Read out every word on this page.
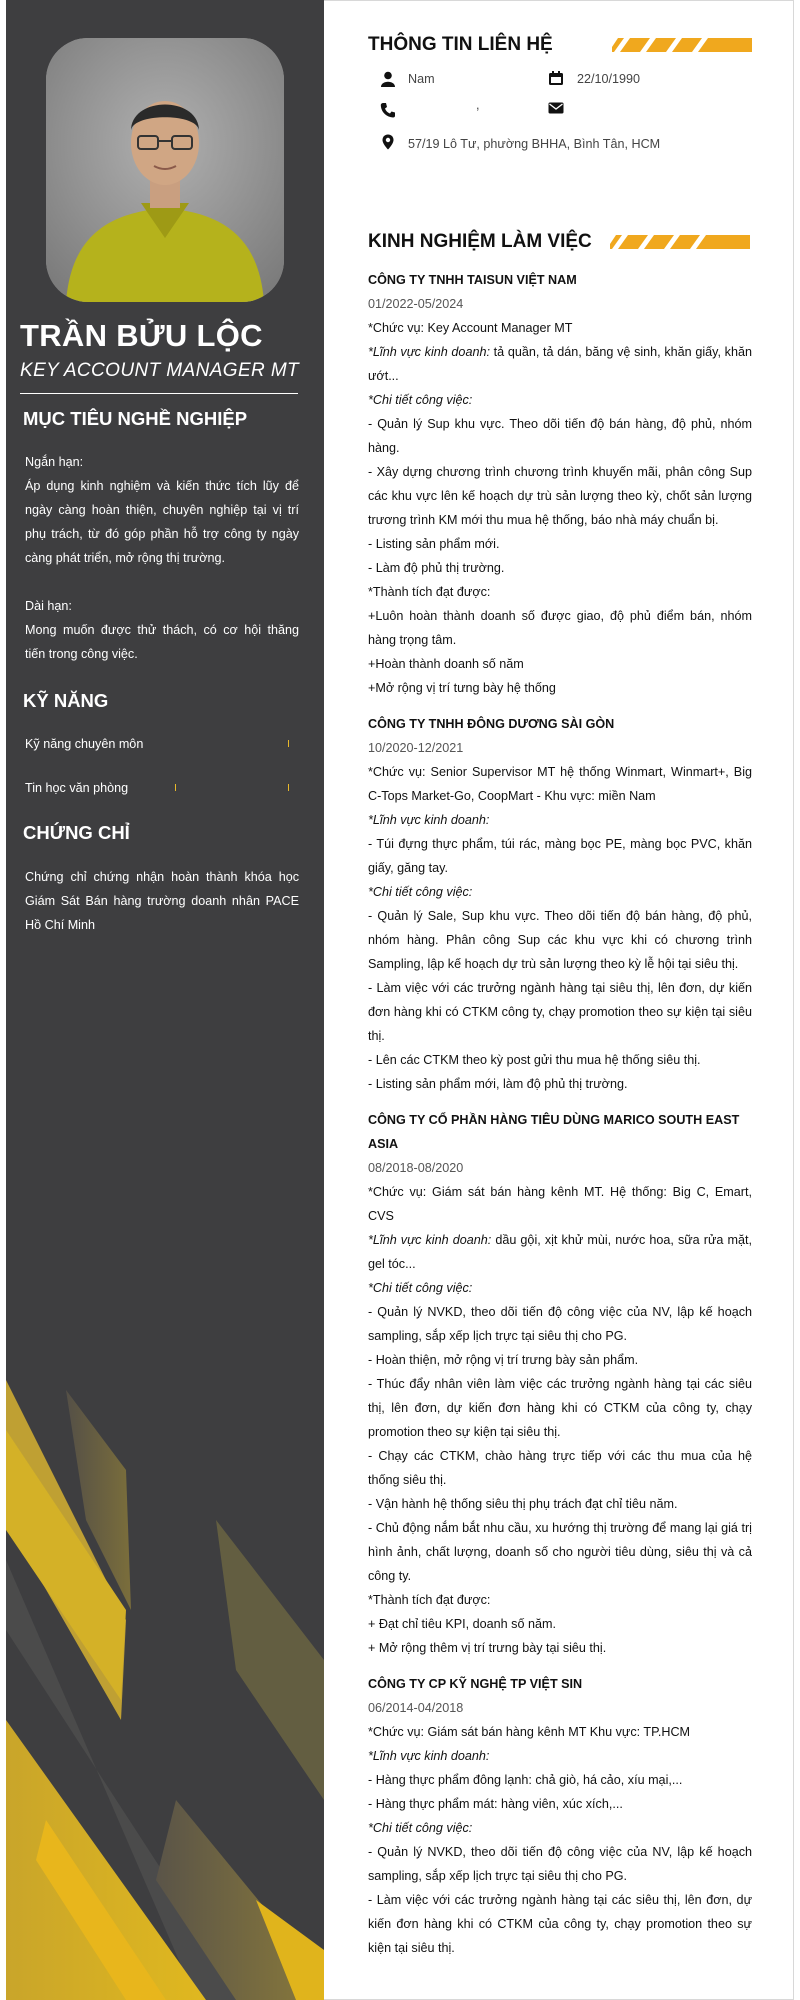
TRẦN BỬU LỘC
KEY ACCOUNT MANAGER MT
MỤC TIÊU NGHỀ NGHIỆP
Ngắn hạn:
Áp dụng kinh nghiệm và kiến thức tích lũy để ngày càng hoàn thiện, chuyên nghiệp tại vị trí phụ trách, từ đó góp phần hỗ trợ công ty ngày càng phát triển, mở rộng thị trường.
Dài hạn:
Mong muốn được thử thách, có cơ hội thăng tiến trong công việc.
KỸ NĂNG
Kỹ năng chuyên môn
Tin học văn phòng
CHỨNG CHỈ
Chứng chỉ chứng nhận hoàn thành khóa học Giám Sát Bán hàng trường doanh nhân PACE Hồ Chí Minh
THÔNG TIN LIÊN HỆ
Nam	22/10/1990
,
57/19 Lô Tư, phường BHHA, Bình Tân, HCM
KINH NGHIỆM LÀM VIỆC
CÔNG TY TNHH TAISUN VIỆT NAM
01/2022-05/2024
*Chức vụ: Key Account Manager MT
*Lĩnh vực kinh doanh: tả quần, tả dán, băng vệ sinh, khăn giấy, khăn ướt...
*Chi tiết công việc:
- Quản lý Sup khu vực. Theo dõi tiến độ bán hàng, độ phủ, nhóm hàng.
- Xây dựng chương trình chương trình khuyến mãi, phân công Sup các khu vực lên kế hoạch dự trù sản lượng theo kỳ, chốt sản lượng trương trình KM mới thu mua hệ thống, báo nhà máy chuẩn bị.
- Listing sản phẩm mới.
- Làm độ phủ thị trường.
*Thành tích đạt được:
+Luôn hoàn thành doanh số được giao, độ phủ điểm bán, nhóm hàng trọng tâm.
+Hoàn thành doanh số năm
+Mở rộng vị trí tưng bày hệ thống
CÔNG TY TNHH ĐÔNG DƯƠNG SÀI GÒN
10/2020-12/2021
*Chức vụ: Senior Supervisor MT hệ thống Winmart, Winmart+, Big C-Tops Market-Go, CoopMart - Khu vực: miền Nam
*Lĩnh vực kinh doanh:
- Túi đựng thực phẩm, túi rác, màng bọc PE, màng bọc PVC, khăn giấy, găng tay.
*Chi tiết công việc:
- Quản lý Sale, Sup khu vực. Theo dõi tiến độ bán hàng, độ phủ, nhóm hàng. Phân công Sup các khu vực khi có chương trình Sampling, lập kế hoạch dự trù sản lượng theo kỳ lễ hội tại siêu thị.
- Làm việc với các trưởng ngành hàng tại siêu thị, lên đơn, dự kiến đơn hàng khi có CTKM công ty, chạy promotion theo sự kiện tại siêu thị.
- Lên các CTKM theo kỳ post gửi thu mua hệ thống siêu thị.
- Listing sản phẩm mới, làm độ phủ thị trường.
CÔNG TY CỔ PHẦN HÀNG TIÊU DÙNG MARICO SOUTH EAST ASIA
08/2018-08/2020
*Chức vụ: Giám sát bán hàng kênh MT. Hệ thống: Big C, Emart, CVS
*Lĩnh vực kinh doanh: dầu gội, xịt khử mùi, nước hoa, sữa rửa mặt, gel tóc...
*Chi tiết công việc:
- Quản lý NVKD, theo dõi tiến độ công việc của NV, lập kế hoạch sampling, sắp xếp lịch trực tại siêu thị cho PG.
- Hoàn thiện, mở rộng vị trí trưng bày sản phẩm.
- Thúc đẩy nhân viên làm việc các trưởng ngành hàng tại các siêu thị, lên đơn, dự kiến đơn hàng khi có CTKM của công ty, chạy promotion theo sự kiện tại siêu thị.
- Chạy các CTKM, chào hàng trực tiếp với các thu mua của hệ thống siêu thị.
- Vận hành hệ thống siêu thị phụ trách đạt chỉ tiêu năm.
- Chủ động nắm bắt nhu cầu, xu hướng thị trường để mang lại giá trị hình ảnh, chất lượng, doanh số cho người tiêu dùng, siêu thị và cả công ty.
*Thành tích đạt được:
+ Đạt chỉ tiêu KPI, doanh số năm.
+ Mở rộng thêm vị trí trưng bày tại siêu thị.
CÔNG TY CP KỸ NGHỆ TP VIỆT SIN
06/2014-04/2018
*Chức vụ: Giám sát bán hàng kênh MT Khu vực: TP.HCM
*Lĩnh vực kinh doanh:
- Hàng thực phẩm đông lạnh: chả giò, há cảo, xíu mại,...
- Hàng thực phẩm mát: hàng viên, xúc xích,...
*Chi tiết công việc:
- Quản lý NVKD, theo dõi tiến độ công việc của NV, lập kế hoạch sampling, sắp xếp lịch trực tại siêu thị cho PG.
- Làm việc với các trưởng ngành hàng tại các siêu thị, lên đơn, dự kiến đơn hàng khi có CTKM của công ty, chạy promotion theo sự kiện tại siêu thị.
